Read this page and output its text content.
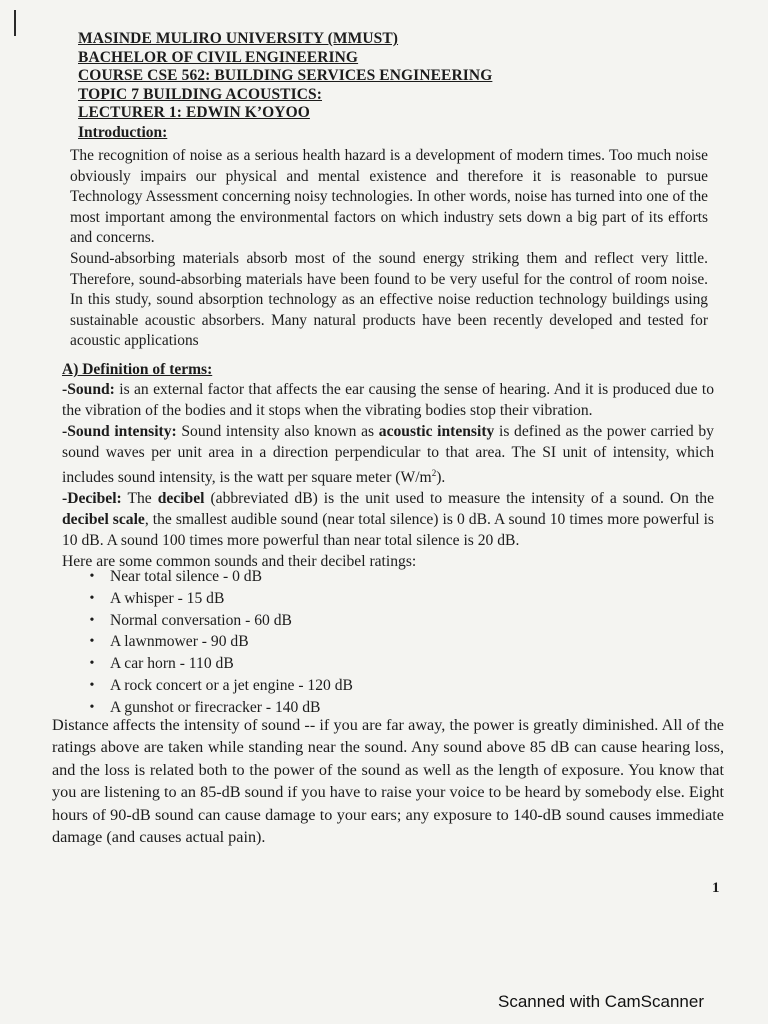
MASINDE MULIRO UNIVERSITY (MMUST)
BACHELOR OF CIVIL ENGINEERING
COURSE CSE 562: BUILDING SERVICES ENGINEERING
TOPIC 7 BUILDING ACOUSTICS:
LECTURER 1: EDWIN K’OYOO
Introduction:

The recognition of noise as a serious health hazard is a development of modern times. Too much noise obviously impairs our physical and mental existence and therefore it is reasonable to pursue Technology Assessment concerning noisy technologies. In other words, noise has turned into one of the most important among the environmental factors on which industry sets down a big part of its efforts and concerns.

Sound-absorbing materials absorb most of the sound energy striking them and reflect very little. Therefore, sound-absorbing materials have been found to be very useful for the control of room noise. In this study, sound absorption technology as an effective noise reduction technology buildings using sustainable acoustic absorbers. Many natural products have been recently developed and tested for acoustic applications

A) Definition of terms:

-Sound: is an external factor that affects the ear causing the sense of hearing. And it is produced due to the vibration of the bodies and it stops when the vibrating bodies stop their vibration.

-Sound intensity: Sound intensity also known as acoustic intensity is defined as the power carried by sound waves per unit area in a direction perpendicular to that area. The SI unit of intensity, which includes sound intensity, is the watt per square meter $(W/m^2)$.

-Decibel: The decibel (abbreviated dB) is the unit used to measure the intensity of a sound. On the decibel scale, the smallest audible sound (near total silence) is 0 dB. A sound 10 times more powerful is 10 dB. A sound 100 times more powerful than near total silence is 20 dB.

Here are some common sounds and their decibel ratings:

• Near total silence - 0 dB
• A whisper - 15 dB
• Normal conversation - 60 dB
• A lawnmower - 90 dB
• A car horn - 110 dB
• A rock concert or a jet engine - 120 dB
• A gunshot or firecracker - 140 dB

Distance affects the intensity of sound -- if you are far away, the power is greatly diminished. All of the ratings above are taken while standing near the sound. Any sound above 85 dB can cause hearing loss, and the loss is related both to the power of the sound as well as the length of exposure. You know that you are listening to an 85-dB sound if you have to raise your voice to be heard by somebody else. Eight hours of 90-dB sound can cause damage to your ears; any exposure to 140-dB sound causes immediate damage (and causes actual pain).

1
Scanned with CamScanner
